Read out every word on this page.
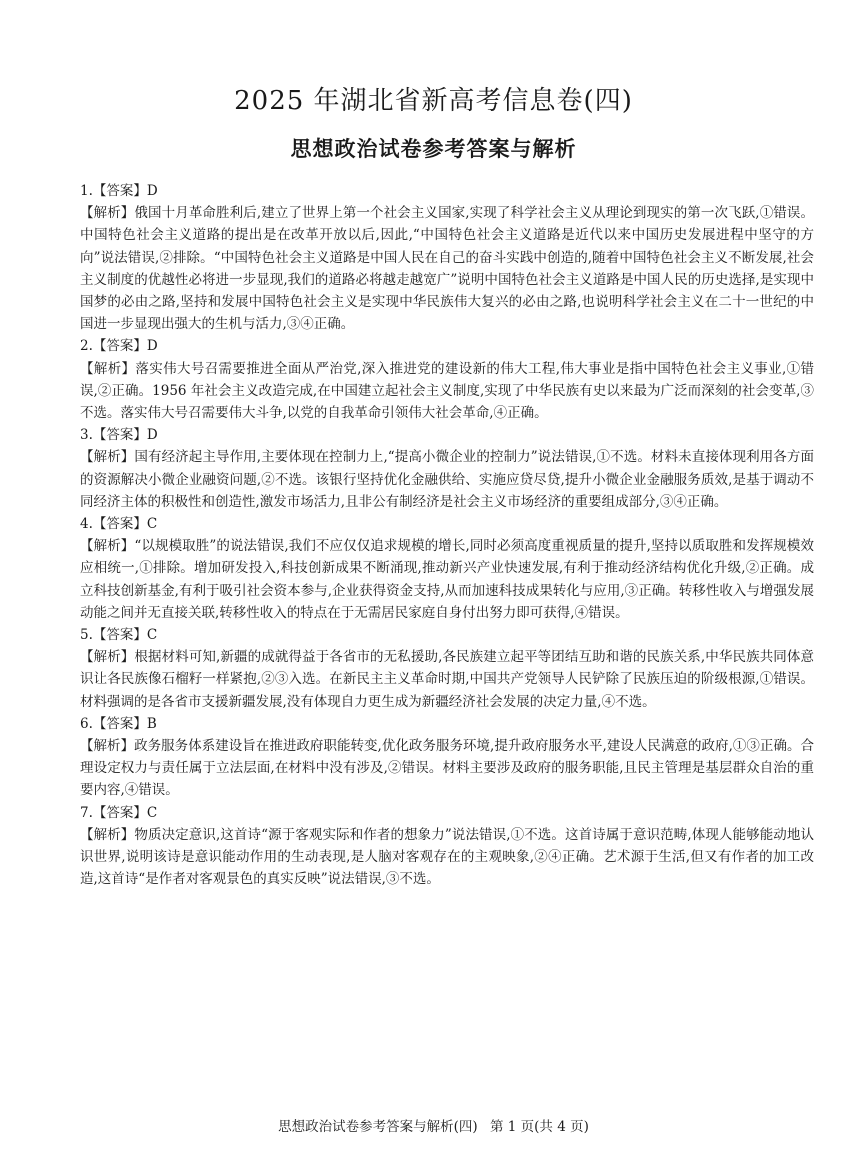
2025 年湖北省新高考信息卷(四)
思想政治试卷参考答案与解析

1.【答案】D

【解析】俄国十月革命胜利后,建立了世界上第一个社会主义国家,实现了科学社会主义从理论到现实的第一次飞跃,①错误。中国特色社会主义道路的提出是在改革开放以后,因此,“中国特色社会主义道路是近代以来中国历史发展进程中坚守的方向”说法错误,②排除。“中国特色社会主义道路是中国人民在自己的奋斗实践中创造的,随着中国特色社会主义不断发展,社会主义制度的优越性必将进一步显现,我们的道路必将越走越宽广”说明中国特色社会主义道路是中国人民的历史选择,是实现中国梦的必由之路,坚持和发展中国特色社会主义是实现中华民族伟大复兴的必由之路,也说明科学社会主义在二十一世纪的中国进一步显现出强大的生机与活力,③④正确。

2.【答案】D

【解析】落实伟大号召需要推进全面从严治党,深入推进党的建设新的伟大工程,伟大事业是指中国特色社会主义事业,①错误,②正确。1956 年社会主义改造完成,在中国建立起社会主义制度,实现了中华民族有史以来最为广泛而深刻的社会变革,③不选。落实伟大号召需要伟大斗争,以党的自我革命引领伟大社会革命,④正确。

3.【答案】D

【解析】国有经济起主导作用,主要体现在控制力上,“提高小微企业的控制力”说法错误,①不选。材料未直接体现利用各方面的资源解决小微企业融资问题,②不选。该银行坚持优化金融供给、实施应贷尽贷,提升小微企业金融服务质效,是基于调动不同经济主体的积极性和创造性,激发市场活力,且非公有制经济是社会主义市场经济的重要组成部分,③④正确。

4.【答案】C

【解析】“以规模取胜”的说法错误,我们不应仅仅追求规模的增长,同时必须高度重视质量的提升,坚持以质取胜和发挥规模效应相统一,①排除。增加研发投入,科技创新成果不断涌现,推动新兴产业快速发展,有利于推动经济结构优化升级,②正确。成立科技创新基金,有利于吸引社会资本参与,企业获得资金支持,从而加速科技成果转化与应用,③正确。转移性收入与增强发展动能之间并无直接关联,转移性收入的特点在于无需居民家庭自身付出努力即可获得,④错误。

5.【答案】C

【解析】根据材料可知,新疆的成就得益于各省市的无私援助,各民族建立起平等团结互助和谐的民族关系,中华民族共同体意识让各民族像石榴籽一样紧抱,②③入选。在新民主主义革命时期,中国共产党领导人民铲除了民族压迫的阶级根源,①错误。材料强调的是各省市支援新疆发展,没有体现自力更生成为新疆经济社会发展的决定力量,④不选。

6.【答案】B

【解析】政务服务体系建设旨在推进政府职能转变,优化政务服务环境,提升政府服务水平,建设人民满意的政府,①③正确。合理设定权力与责任属于立法层面,在材料中没有涉及,②错误。材料主要涉及政府的服务职能,且民主管理是基层群众自治的重要内容,④错误。

7.【答案】C

【解析】物质决定意识,这首诗“源于客观实际和作者的想象力”说法错误,①不选。这首诗属于意识范畴,体现人能够能动地认识世界,说明该诗是意识能动作用的生动表现,是人脑对客观存在的主观映象,②④正确。艺术源于生活,但又有作者的加工改造,这首诗“是作者对客观景色的真实反映”说法错误,③不选。

思想政治试卷参考答案与解析(四) 第 1 页(共 4 页)
